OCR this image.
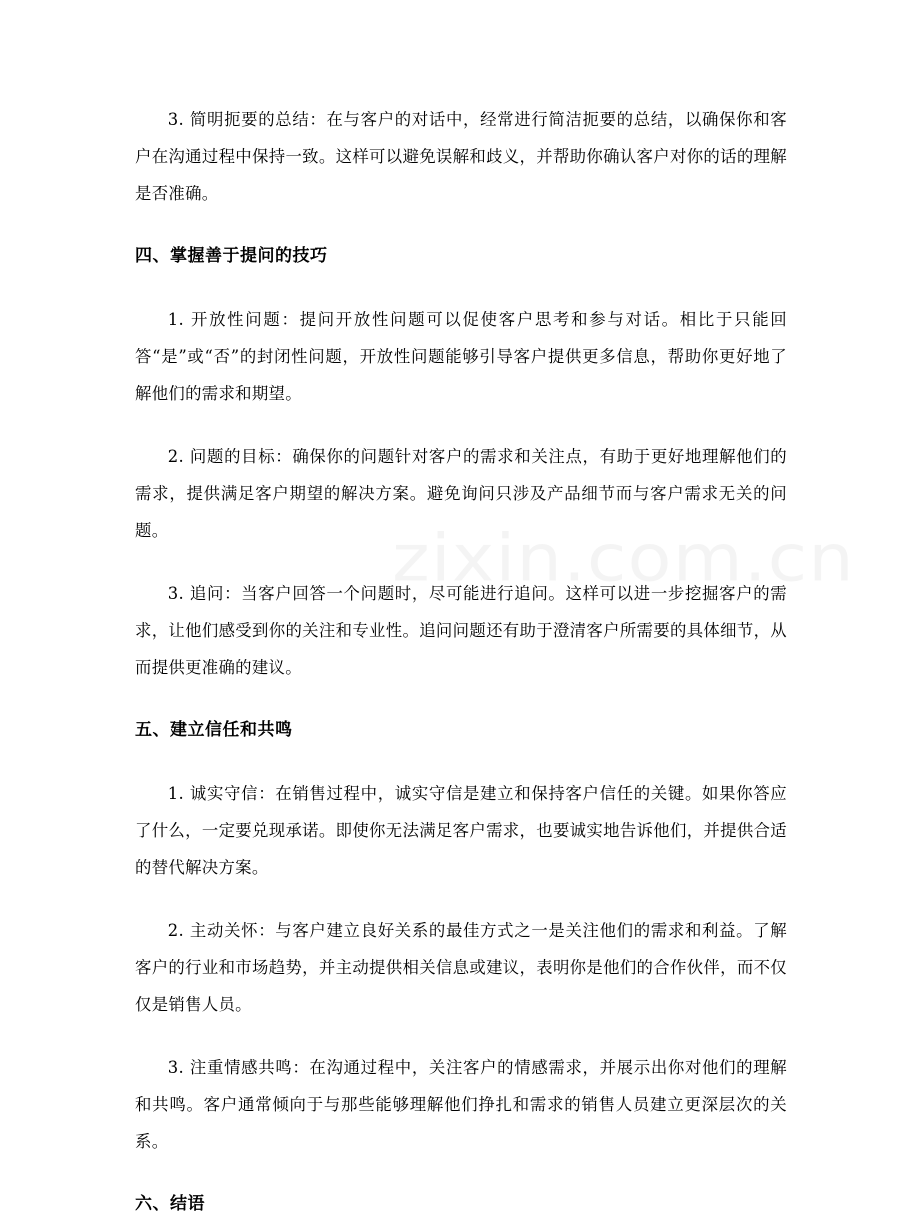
3. 简明扼要的总结：在与客户的对话中，经常进行简洁扼要的总结，以确保你和客户在沟通过程中保持一致。这样可以避免误解和歧义，并帮助你确认客户对你的话的理解是否准确。

四、掌握善于提问的技巧

1. 开放性问题：提问开放性问题可以促使客户思考和参与对话。相比于只能回答“是”或“否”的封闭性问题，开放性问题能够引导客户提供更多信息，帮助你更好地了解他们的需求和期望。

2. 问题的目标：确保你的问题针对客户的需求和关注点，有助于更好地理解他们的需求，提供满足客户期望的解决方案。避免询问只涉及产品细节而与客户需求无关的问题。

3. 追问：当客户回答一个问题时，尽可能进行追问。这样可以进一步挖掘客户的需求，让他们感受到你的关注和专业性。追问问题还有助于澄清客户所需要的具体细节，从而提供更准确的建议。

五、建立信任和共鸣

1. 诚实守信：在销售过程中，诚实守信是建立和保持客户信任的关键。如果你答应了什么，一定要兑现承诺。即使你无法满足客户需求，也要诚实地告诉他们，并提供合适的替代解决方案。

2. 主动关怀：与客户建立良好关系的最佳方式之一是关注他们的需求和利益。了解客户的行业和市场趋势，并主动提供相关信息或建议，表明你是他们的合作伙伴，而不仅仅是销售人员。

3. 注重情感共鸣：在沟通过程中，关注客户的情感需求，并展示出你对他们的理解和共鸣。客户通常倾向于与那些能够理解他们挣扎和需求的销售人员建立更深层次的关系。

六、结语
